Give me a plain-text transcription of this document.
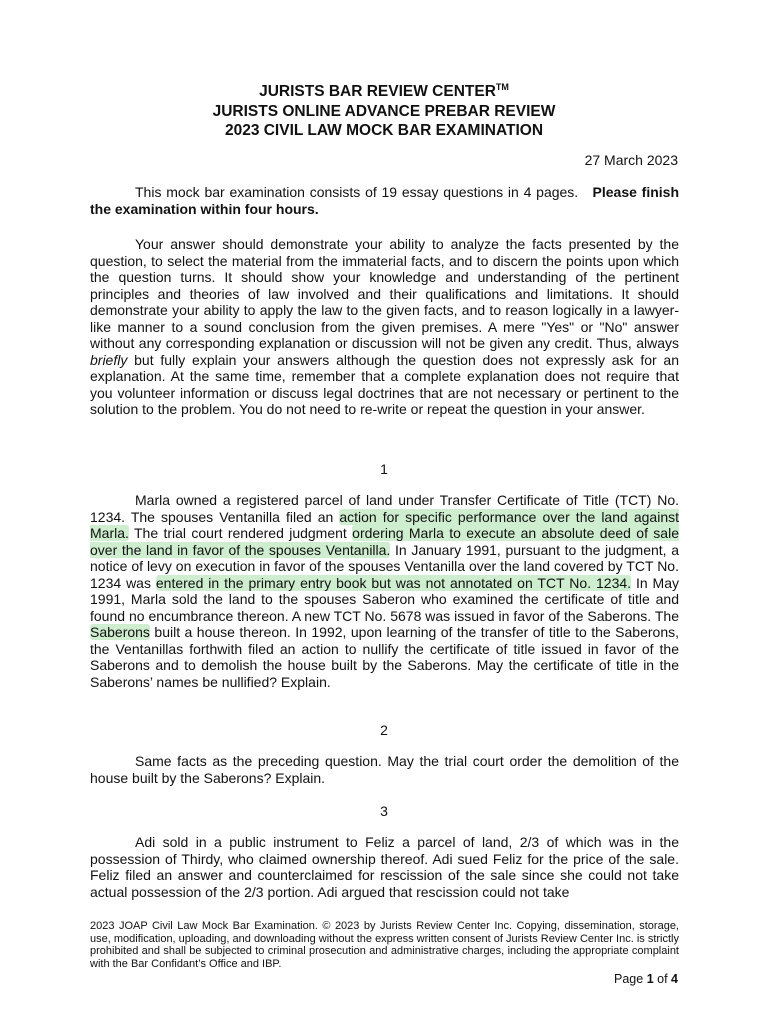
JURISTS BAR REVIEW CENTER™
JURISTS ONLINE ADVANCE PREBAR REVIEW
2023 CIVIL LAW MOCK BAR EXAMINATION
27 March 2023
This mock bar examination consists of 19 essay questions in 4 pages. Please finish the examination within four hours.
Your answer should demonstrate your ability to analyze the facts presented by the question, to select the material from the immaterial facts, and to discern the points upon which the question turns. It should show your knowledge and understanding of the pertinent principles and theories of law involved and their qualifications and limitations. It should demonstrate your ability to apply the law to the given facts, and to reason logically in a lawyer-like manner to a sound conclusion from the given premises. A mere "Yes" or "No" answer without any corresponding explanation or discussion will not be given any credit. Thus, always briefly but fully explain your answers although the question does not expressly ask for an explanation. At the same time, remember that a complete explanation does not require that you volunteer information or discuss legal doctrines that are not necessary or pertinent to the solution to the problem. You do not need to re-write or repeat the question in your answer.
1
Marla owned a registered parcel of land under Transfer Certificate of Title (TCT) No. 1234. The spouses Ventanilla filed an action for specific performance over the land against Marla. The trial court rendered judgment ordering Marla to execute an absolute deed of sale over the land in favor of the spouses Ventanilla. In January 1991, pursuant to the judgment, a notice of levy on execution in favor of the spouses Ventanilla over the land covered by TCT No. 1234 was entered in the primary entry book but was not annotated on TCT No. 1234. In May 1991, Marla sold the land to the spouses Saberon who examined the certificate of title and found no encumbrance thereon. A new TCT No. 5678 was issued in favor of the Saberons. The Saberons built a house thereon. In 1992, upon learning of the transfer of title to the Saberons, the Ventanillas forthwith filed an action to nullify the certificate of title issued in favor of the Saberons and to demolish the house built by the Saberons. May the certificate of title in the Saberons’ names be nullified? Explain.
2
Same facts as the preceding question. May the trial court order the demolition of the house built by the Saberons? Explain.
3
Adi sold in a public instrument to Feliz a parcel of land, 2/3 of which was in the possession of Thirdy, who claimed ownership thereof. Adi sued Feliz for the price of the sale. Feliz filed an answer and counterclaimed for rescission of the sale since she could not take actual possession of the 2/3 portion. Adi argued that rescission could not take
2023 JOAP Civil Law Mock Bar Examination. © 2023 by Jurists Review Center Inc. Copying, dissemination, storage, use, modification, uploading, and downloading without the express written consent of Jurists Review Center Inc. is strictly prohibited and shall be subjected to criminal prosecution and administrative charges, including the appropriate complaint with the Bar Confidant’s Office and IBP.
Page 1 of 4
